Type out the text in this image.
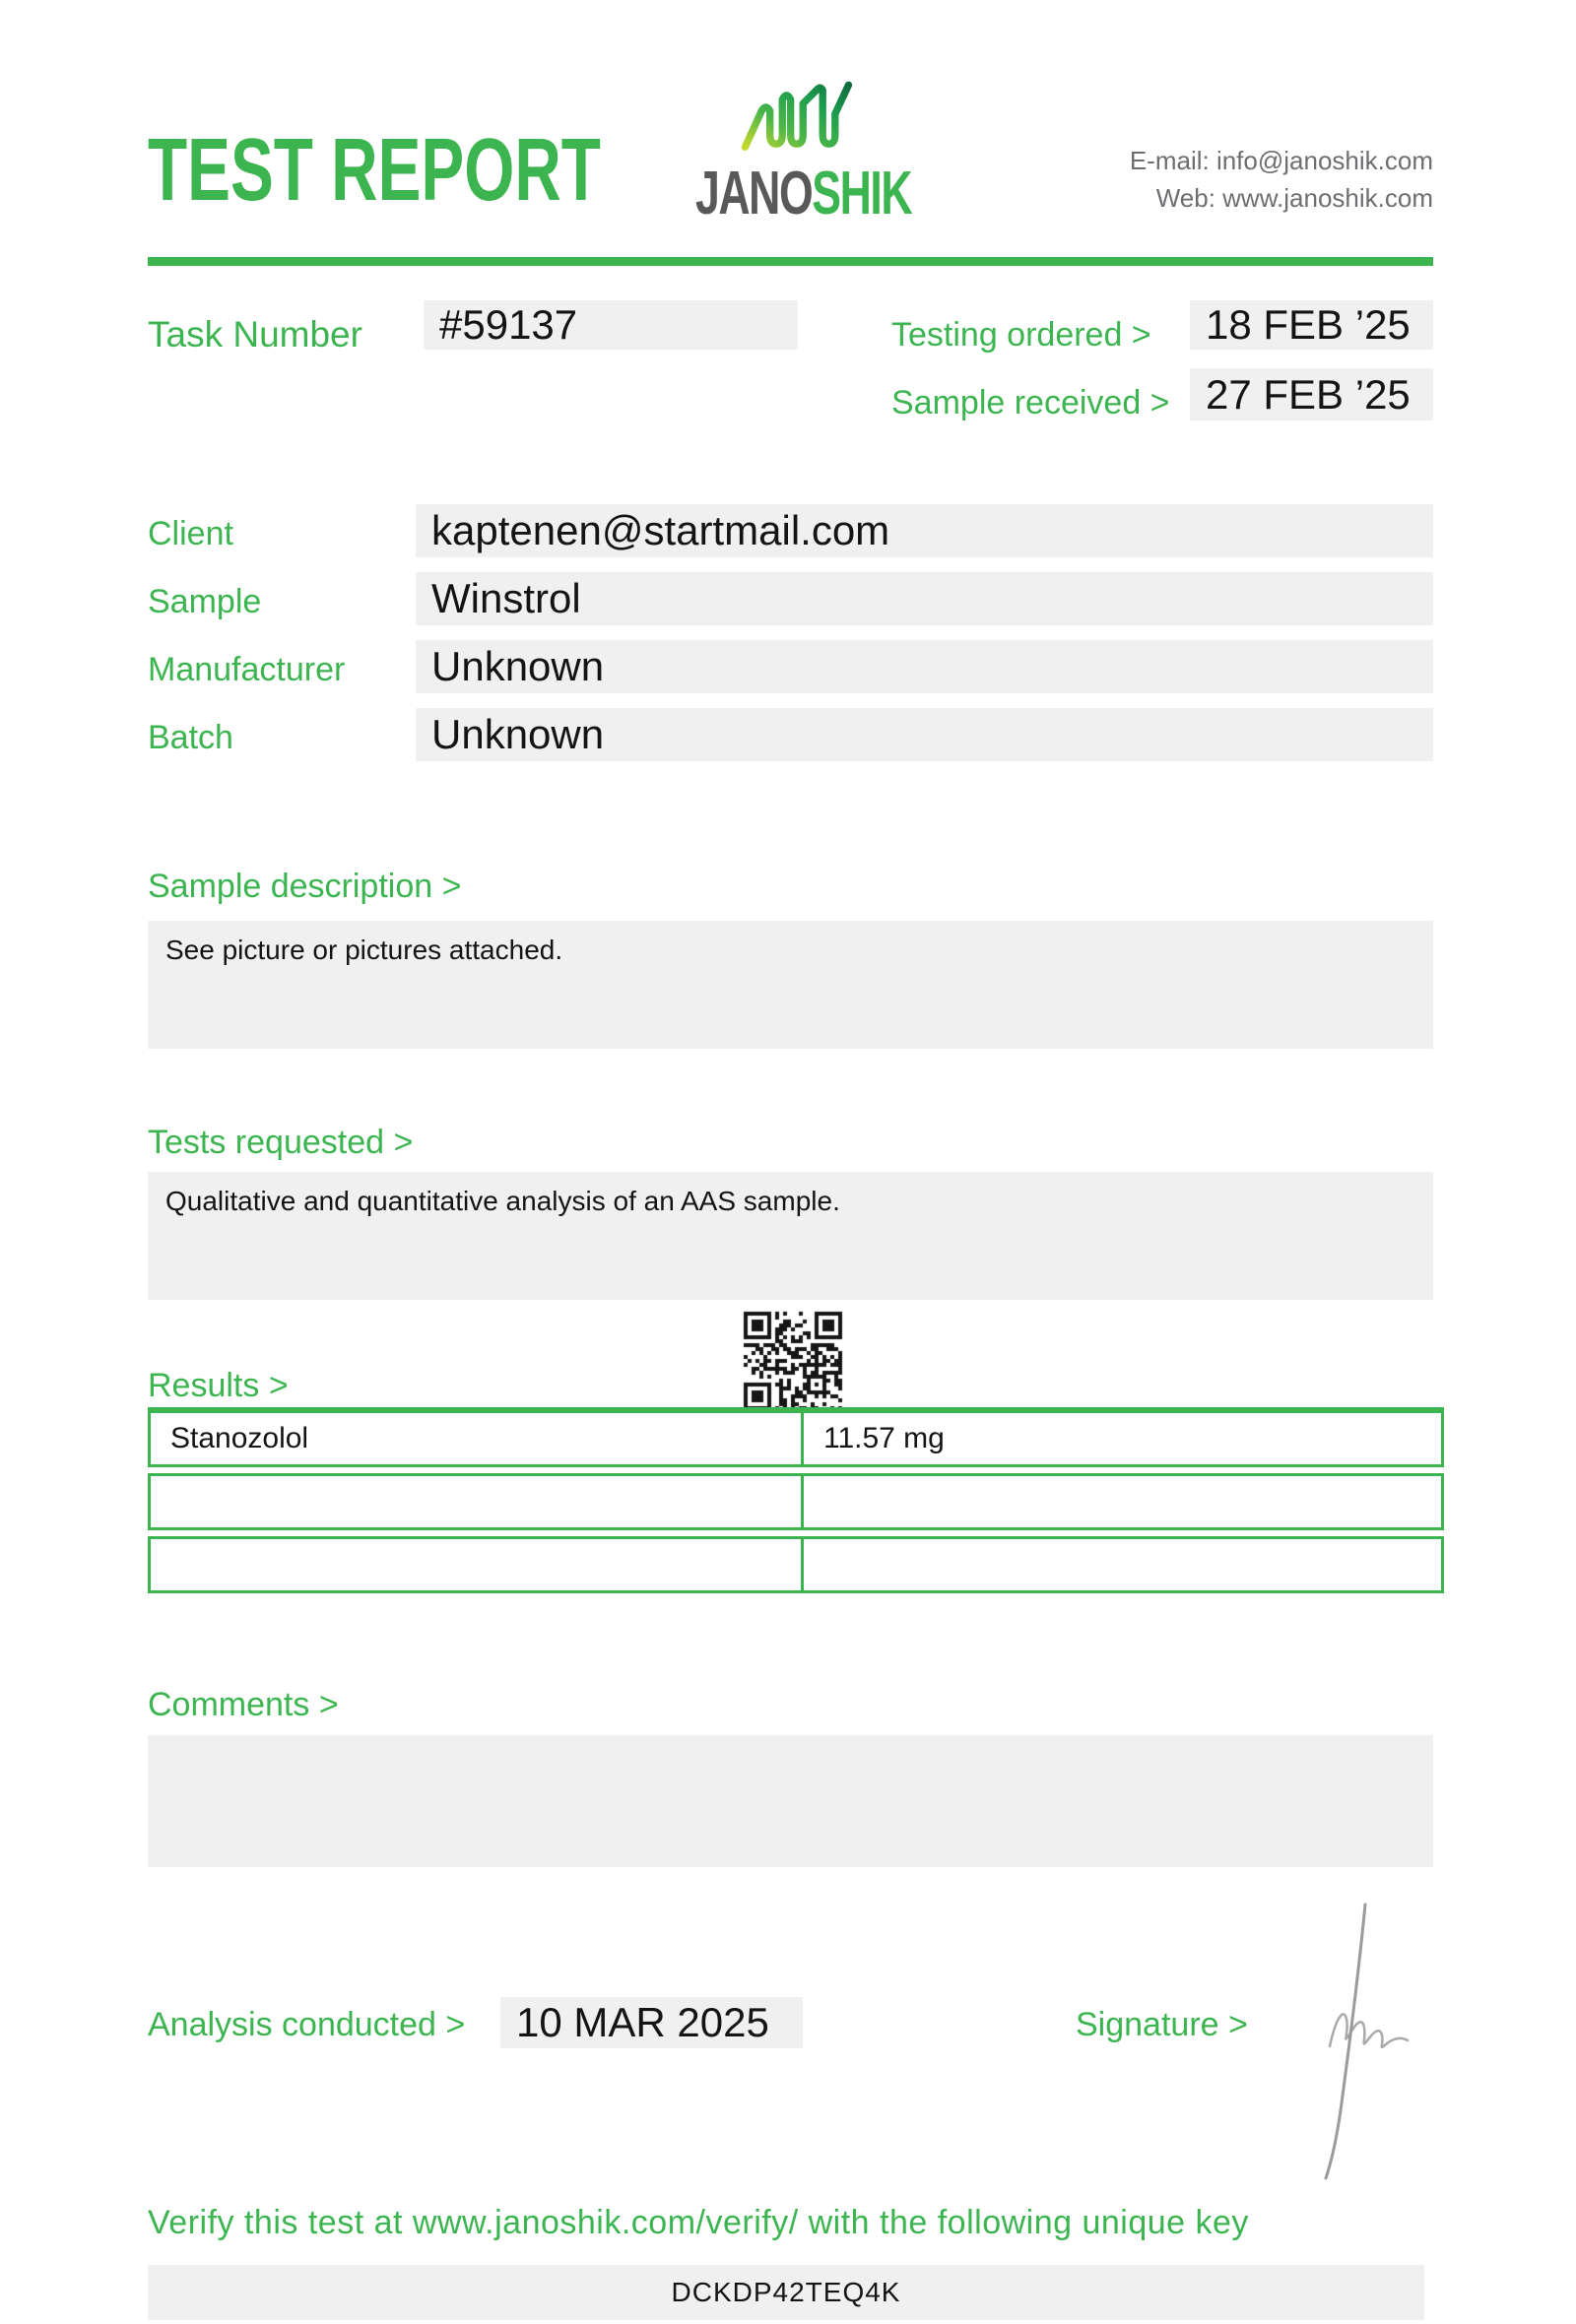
TEST REPORT JANOSHIK	E-mail: info@janoshik.com
Web: www.janoshik.com
Task Number	#59137	Testing ordered >	18 FEB ’25
Sample received > 27 FEB ’25
Client	kaptenen@startmail.com
Sample	Winstrol
Manufacturer	Unknown
Batch	Unknown
Sample description >
See picture or pictures attached.
Tests requested >
Qualitative and quantitative analysis of an AAS sample.
Results >
Stanozolol	11.57 mg
Comments >
Analysis conducted >	10 MAR 2025	Signature >
Verify this test at www.janoshik.com/verify/ with the following unique key
DCKDP42TEQ4K
